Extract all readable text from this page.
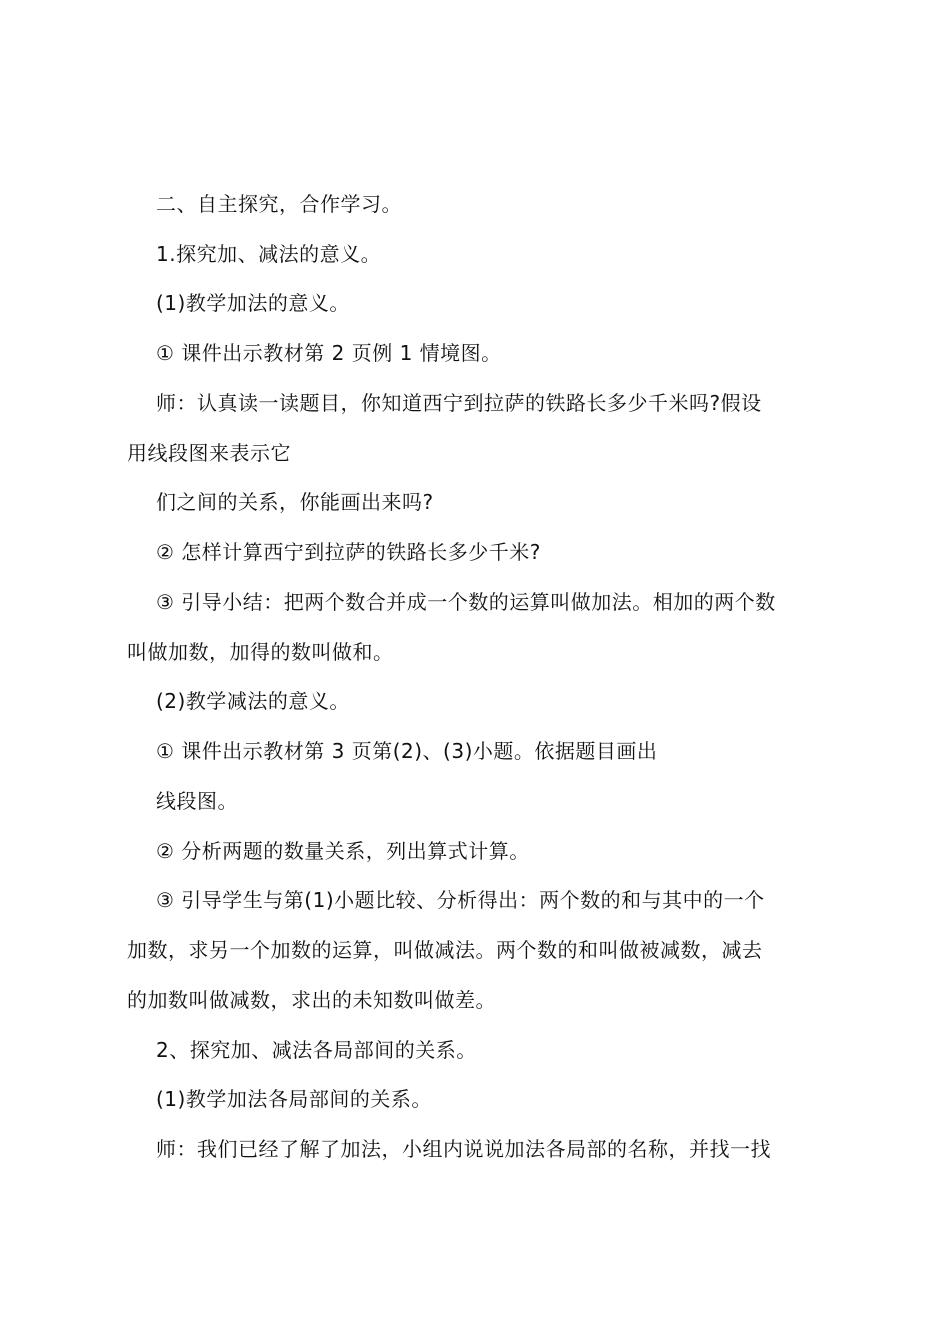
二、自主探究，合作学习。
1.探究加、减法的意义。
(1)教学加法的意义。
① 课件出示教材第 2 页例 1 情境图。
师：认真读一读题目，你知道西宁到拉萨的铁路长多少千米吗?假设
用线段图来表示它
们之间的关系，你能画出来吗?
② 怎样计算西宁到拉萨的铁路长多少千米?
③ 引导小结：把两个数合并成一个数的运算叫做加法。相加的两个数
叫做加数，加得的数叫做和。
(2)教学减法的意义。
① 课件出示教材第 3 页第(2)、(3)小题。依据题目画出
线段图。
② 分析两题的数量关系，列出算式计算。
③ 引导学生与第(1)小题比较、分析得出：两个数的和与其中的一个
加数，求另一个加数的运算，叫做减法。两个数的和叫做被减数，减去
的加数叫做减数，求出的未知数叫做差。
2、探究加、减法各局部间的关系。
(1)教学加法各局部间的关系。
师：我们已经了解了加法，小组内说说加法各局部的名称，并找一找
